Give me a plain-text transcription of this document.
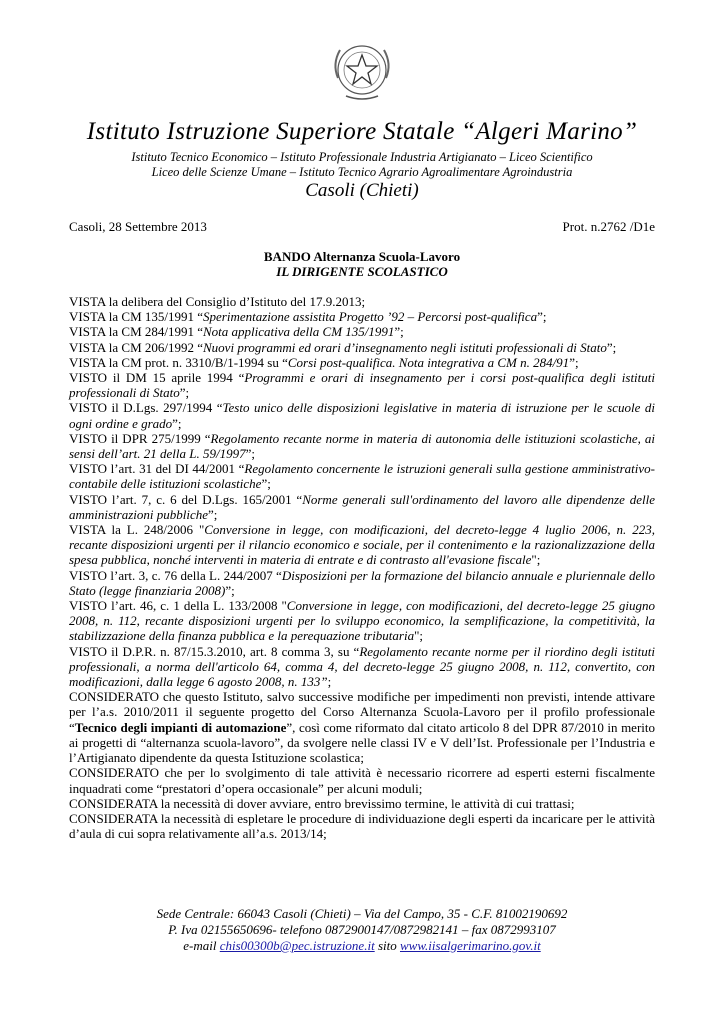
Istituto Istruzione Superiore Statale “Algeri Marino”
Istituto Tecnico Economico – Istituto Professionale Industria Artigianato – Liceo Scientifico
Liceo delle Scienze Umane – Istituto Tecnico Agrario Agroalimentare Agroindustria
Casoli (Chieti)
Casoli, 28 Settembre 2013	Prot. n.2762 /D1e
BANDO Alternanza Scuola-Lavoro
IL DIRIGENTE SCOLASTICO

VISTA la delibera del Consiglio d’Istituto del 17.9.2013;

VISTA la CM 135/1991 “Sperimentazione assistita Progetto ’92 – Percorsi post-qualifica”;

VISTA la CM 284/1991 “Nota applicativa della CM 135/1991”;

VISTA la CM 206/1992 “Nuovi programmi ed orari d’insegnamento negli istituti professionali di Stato”;

VISTA la CM prot. n. 3310/B/1-1994 su “Corsi post-qualifica. Nota integrativa a CM n. 284/91”;

VISTO il DM 15 aprile 1994 “Programmi e orari di insegnamento per i corsi post-qualifica degli istituti professionali di Stato”;

VISTO il D.Lgs. 297/1994 “Testo unico delle disposizioni legislative in materia di istruzione per le scuole di ogni ordine e grado”;

VISTO il DPR 275/1999 “Regolamento recante norme in materia di autonomia delle istituzioni scolastiche, ai sensi dell’art. 21 della L. 59/1997”;

VISTO l’art. 31 del DI 44/2001 “Regolamento concernente le istruzioni generali sulla gestione amministrativo-contabile delle istituzioni scolastiche”;

VISTO l’art. 7, c. 6 del D.Lgs. 165/2001 “Norme generali sull'ordinamento del lavoro alle dipendenze delle amministrazioni pubbliche”;

VISTA la L. 248/2006 "Conversione in legge, con modificazioni, del decreto-legge 4 luglio 2006, n. 223, recante disposizioni urgenti per il rilancio economico e sociale, per il contenimento e la razionalizzazione della spesa pubblica, nonché interventi in materia di entrate e di contrasto all'evasione fiscale";

VISTO l’art. 3, c. 76 della L. 244/2007 “Disposizioni per la formazione del bilancio annuale e pluriennale dello Stato (legge finanziaria 2008)”;

VISTO l’art. 46, c. 1 della L. 133/2008 "Conversione in legge, con modificazioni, del decreto-legge 25 giugno 2008, n. 112, recante disposizioni urgenti per lo sviluppo economico, la semplificazione, la competitività, la stabilizzazione della finanza pubblica e la perequazione tributaria";

VISTO il D.P.R. n. 87/15.3.2010, art. 8 comma 3, su “Regolamento recante norme per il riordino degli istituti professionali, a norma dell'articolo 64, comma 4, del decreto-legge 25 giugno 2008, n. 112, convertito, con modificazioni, dalla legge 6 agosto 2008, n. 133”;

CONSIDERATO che questo Istituto, salvo successive modifiche per impedimenti non previsti, intende attivare per l’a.s. 2010/2011 il seguente progetto del Corso Alternanza Scuola-Lavoro per il profilo professionale “Tecnico degli impianti di automazione”, così come riformato dal citato articolo 8 del DPR 87/2010 in merito ai progetti di “alternanza scuola-lavoro”, da svolgere nelle classi IV e V dell’Ist. Professionale per l’Industria e l’Artigianato dipendente da questa Istituzione scolastica;

CONSIDERATO che per lo svolgimento di tale attività è necessario ricorrere ad esperti esterni fiscalmente inquadrati come “prestatori d’opera occasionale” per alcuni moduli;

CONSIDERATA la necessità di dover avviare, entro brevissimo termine, le attività di cui trattasi;

CONSIDERATA la necessità di espletare le procedure di individuazione degli esperti da incaricare per le attività d’aula di cui sopra relativamente all’a.s. 2013/14;

Sede Centrale: 66043 Casoli (Chieti) – Via del Campo, 35 - C.F. 81002190692
P. Iva 02155650696- telefono 0872900147/0872982141 – fax 0872993107
e-mail chis00300b@pec.istruzione.it sito www.iisalgerimarino.gov.it
